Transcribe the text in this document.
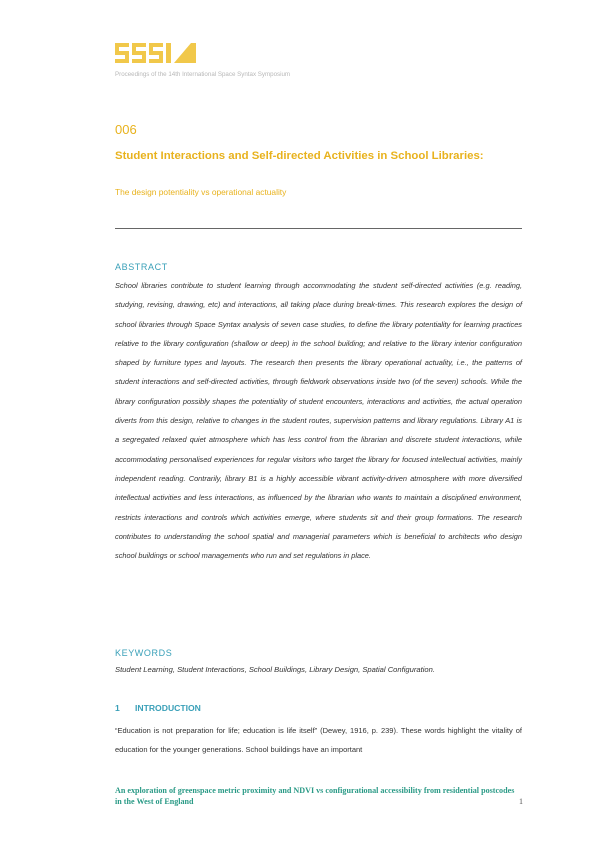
Proceedings of the 14th International Space Syntax Symposium
006
Student Interactions and Self-directed Activities in School Libraries:
The design potentiality vs operational actuality
ABSTRACT

School libraries contribute to student learning through accommodating the student self-directed activities (e.g. reading, studying, revising, drawing, etc) and interactions, all taking place during break-times. This research explores the design of school libraries through Space Syntax analysis of seven case studies, to define the library potentiality for learning practices relative to the library configuration (shallow or deep) in the school building; and relative to the library interior configuration shaped by furniture types and layouts. The research then presents the library operational actuality, i.e., the patterns of student interactions and self-directed activities, through fieldwork observations inside two (of the seven) schools. While the library configuration possibly shapes the potentiality of student encounters, interactions and activities, the actual operation diverts from this design, relative to changes in the student routes, supervision patterns and library regulations. Library A1 is a segregated relaxed quiet atmosphere which has less control from the librarian and discrete student interactions, while accommodating personalised experiences for regular visitors who target the library for focused intellectual activities, mainly independent reading. Contrarily, library B1 is a highly accessible vibrant activity-driven atmosphere with more diversified intellectual activities and less interactions, as influenced by the librarian who wants to maintain a disciplined environment, restricts interactions and controls which activities emerge, where students sit and their group formations. The research contributes to understanding the school spatial and managerial parameters which is beneficial to architects who design school buildings or school managements who run and set regulations in place.

KEYWORDS

Student Learning, Student Interactions, School Buildings, Library Design, Spatial Configuration.

1 INTRODUCTION

“Education is not preparation for life; education is life itself” (Dewey, 1916, p. 239). These words highlight the vitality of education for the younger generations. School buildings have an important

An exploration of greenspace metric proximity and NDVI vs configurational accessibility from residential postcodes in the West of England	1
